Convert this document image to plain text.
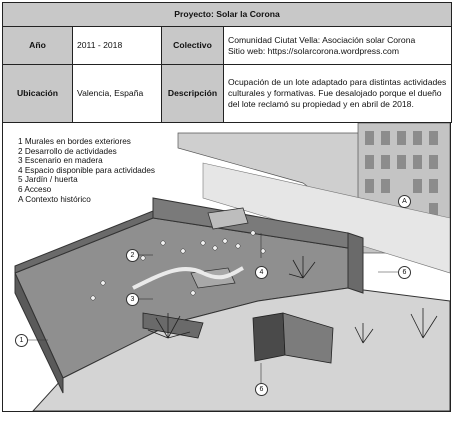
Proyecto: Solar la Corona			
Año	2011 - 2018	Colectivo	Comunidad Ciutat Vella: Asociación solar Corona
Sitio web: https://solarcorona.wordpress.com

Ubicación	Valencia, España	Descripción	Ocupación de un lote adaptado para distintas actividades culturales y formativas. Fue desalojado porque el dueño del lote reclamó su propiedad y en abril de 2018.
1 Murales en bordes exteriores
2 Desarrollo de actividades
3 Escenario en madera
4 Espacio disponible para actividades
5 Jardín / huerta
6 Acceso
A Contexto histórico
1
2
3
4	6
6
A
